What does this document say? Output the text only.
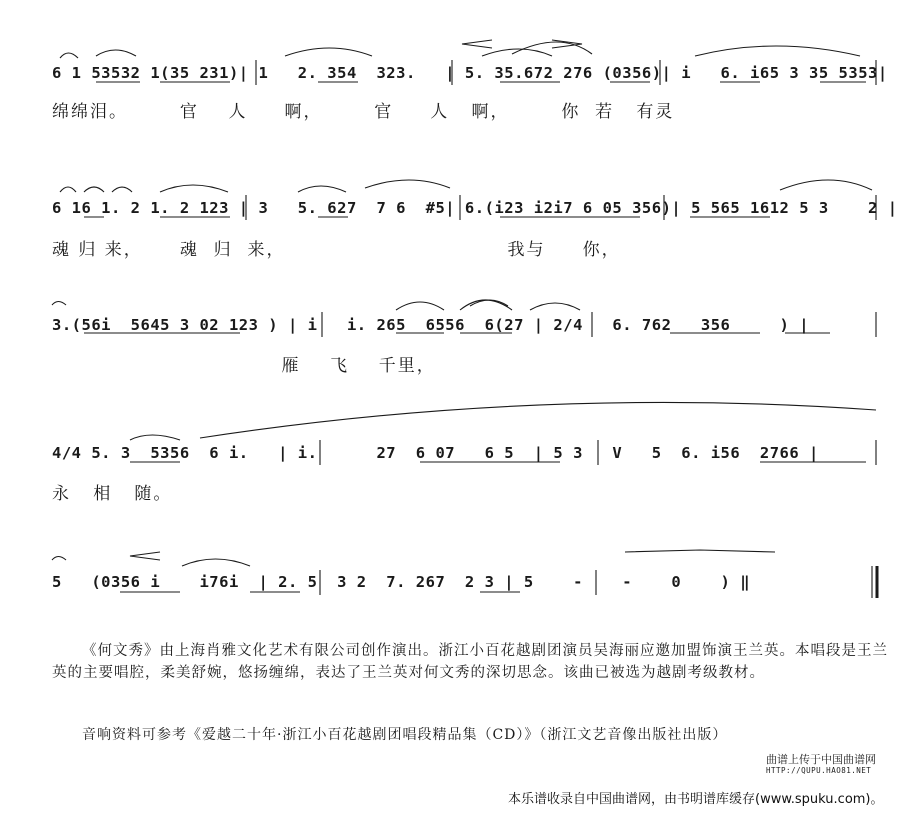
6 1 53532 1(35 231)| 1   2. 354  323.   | 5. 35.672 276 (0356)| i   6. i65 3 35 5353|
绵绵泪。       官    人     啊，       官     人   啊，       你  若   有灵
6 16 1. 2 1. 2 123 | 3   5. 627  7 6  #5| 6.(i23 i2i7 6 05 356)| 5 565 1612 5 3    2 |
魂 归 来，     魂  归  来，                              我与     你，
3.(56i  5645 3 02 123 ) | i   i. 265  6556  6(27 | 2/4   6. 762   356     ) |
雁    飞    千里，
4/4 5. 3  5356  6 i.   | i.      27  6 07   6 5  | 5 3   V   5  6. i56  2766 |
永   相   随。
5   (0356 i    i76i  | 2. 5  3 2  7. 267  2 3 | 5    -    -    0    ) ‖
《何文秀》由上海肖雅文化艺术有限公司创作演出。浙江小百花越剧团演员吴海丽应邀加盟饰演王兰英。本唱段是王兰英的主要唱腔，柔美舒婉，悠扬缠绵，表达了王兰英对何文秀的深切思念。该曲已被选为越剧考级教材。
音响资料可参考《爱越二十年·浙江小百花越剧团唱段精品集（CD）》（浙江文艺音像出版社出版）
曲谱上传于中国曲谱网
HTTP://QUPU.HAO81.NET
本乐谱收录自中国曲谱网，由书明谱库缓存(www.spuku.com)。
